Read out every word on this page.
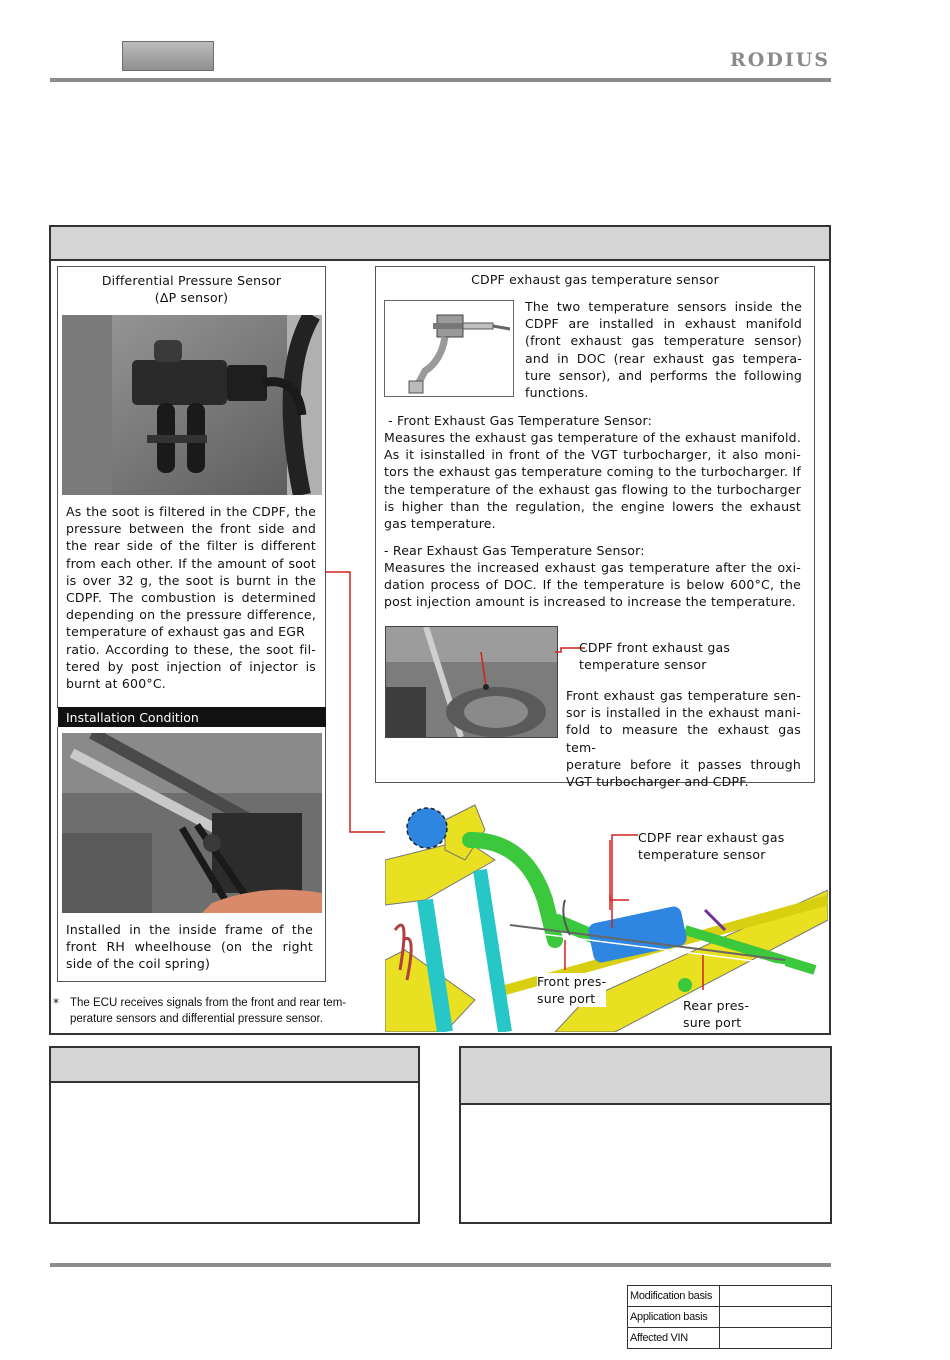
RODIUS
Differential Pressure Sensor
(ΔP sensor)
As the soot is filtered in the CDPF, the
pressure between the front side and
the rear side of the filter is different
from each other. If the amount of soot
is over 32 g, the soot is burnt in the
CDPF. The combustion is determined
depending on the pressure difference,
temperature of exhaust gas and EGR
ratio. According to these, the soot fil-
tered by post injection of injector is
burnt at 600°C.
Installation Condition
Installed in the inside frame of the
front RH wheelhouse (on the right
side of the coil spring)
* The ECU receives signals from the front and rear tem-
perature sensors and differential pressure sensor.
CDPF exhaust gas temperature sensor
The two temperature sensors inside the
CDPF are installed in exhaust manifold
(front exhaust gas temperature sensor)
and in DOC (rear exhaust gas tempera-
ture sensor), and performs the following
functions.
- Front Exhaust Gas Temperature Sensor:
Measures the exhaust gas temperature of the exhaust manifold.
As it isinstalled in front of the VGT turbocharger, it also moni-
tors the exhaust gas temperature coming to the turbocharger. If
the temperature of the exhaust gas flowing to the turbocharger
is higher than the regulation, the engine lowers the exhaust
gas temperature.
- Rear Exhaust Gas Temperature Sensor:
Measures the increased exhaust gas temperature after the oxi-
dation process of DOC. If the temperature is below 600°C, the
post injection amount is increased to increase the temperature.
CDPF front exhaust gas
temperature sensor
Front exhaust gas temperature sen-
sor is installed in the exhaust mani-
fold to measure the exhaust gas tem-
perature before it passes through
VGT turbocharger and CDPF.
CDPF rear exhaust gas
temperature sensor
Front pres-
sure port	Rear pres-
sure port
Modification basis	
Application basis	
Affected VIN	
